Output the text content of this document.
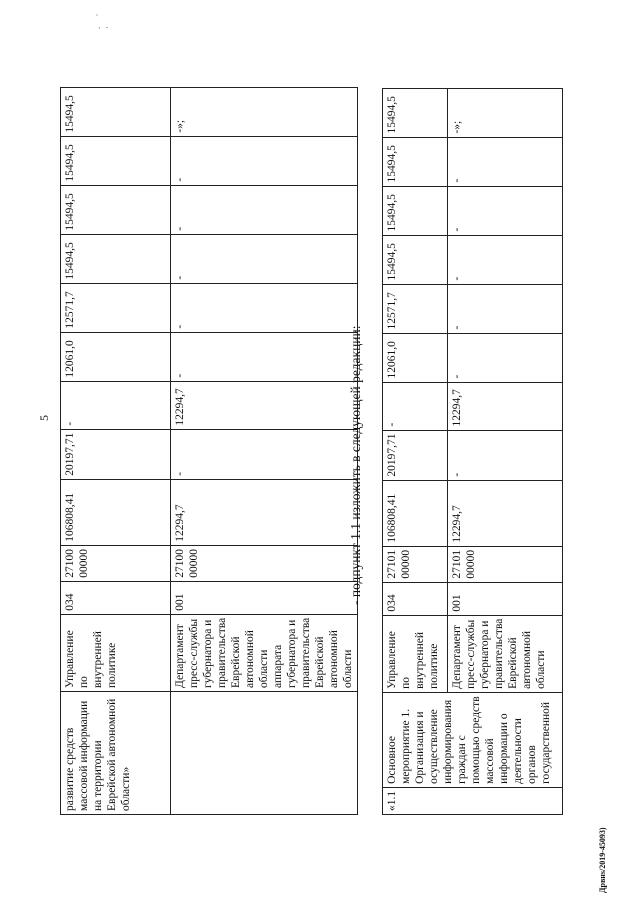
. · ·
5
развитие средств массовой информации на территории Еврейской автономной области»	Управление по внутренней политике	034	27100 00000	106808,41	20197,71	-	12061,0	12571,7	15494,5	15494,5	15494,5	15494,5
	Департамент пресс-службы губернатора и правительства Еврейской автономной области аппарата губернатора и правительства Еврейской автономной области	001	27100 00000	12294,7	-	12294,7	-	-	-	-	-	-»;
- подпункт 1.1 изложить в следующей редакции:
«1.1	Основное мероприятие 1. Организация и осуществление информирования граждан с помощью средств массовой информации о деятельности органов государственной	Управление по внутренней политике	034	27101 00000	106808,41	20197,71	-	12061,0	12571,7	15494,5	15494,5	15494,5	15494,5
		Департамент пресс-службы губернатора и правительства Еврейской автономной области	001	27101 00000	12294,7	-	12294,7	-	-	-	-	-	-»;
Дрвнs/2019-45093)
